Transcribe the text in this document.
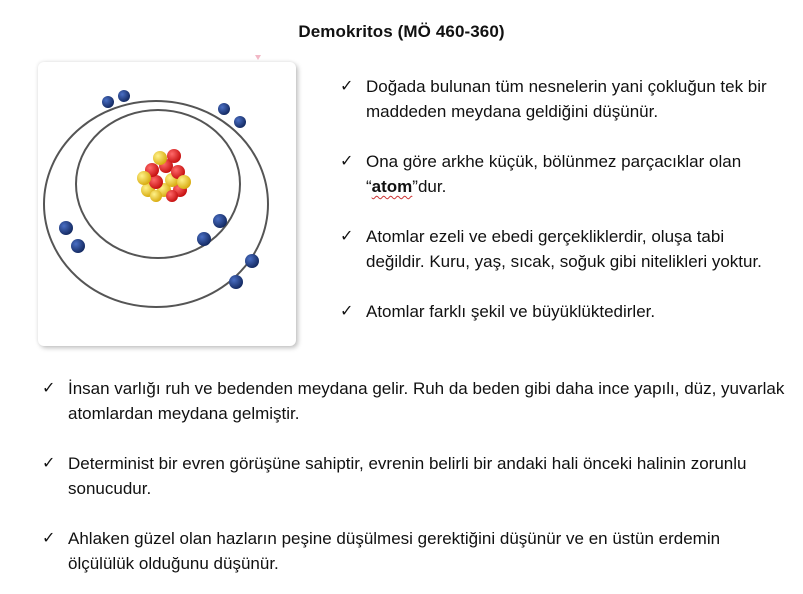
Demokritos (MÖ 460-360)
✓ Doğada bulunan tüm nesnelerin yani çokluğun tek bir maddeden meydana geldiğini düşünür.
✓ Ona göre arkhe küçük, bölünmez parçacıklar olan “atom”dur.
✓ Atomlar ezeli ve ebedi gerçekliklerdir, oluşa tabi değildir. Kuru, yaş, sıcak, soğuk gibi nitelikleri yoktur.
✓ Atomlar farklı şekil ve büyüklüktedirler.
✓ İnsan varlığı ruh ve bedenden meydana gelir. Ruh da beden gibi daha ince yapılı, düz, yuvarlak atomlardan meydana gelmiştir.
✓ Determinist bir evren görüşüne sahiptir, evrenin belirli bir andaki hali önceki halinin zorunlu sonucudur.
✓ Ahlaken güzel olan hazların peşine düşülmesi gerektiğini düşünür ve en üstün erdemin ölçülülük olduğunu düşünür.
